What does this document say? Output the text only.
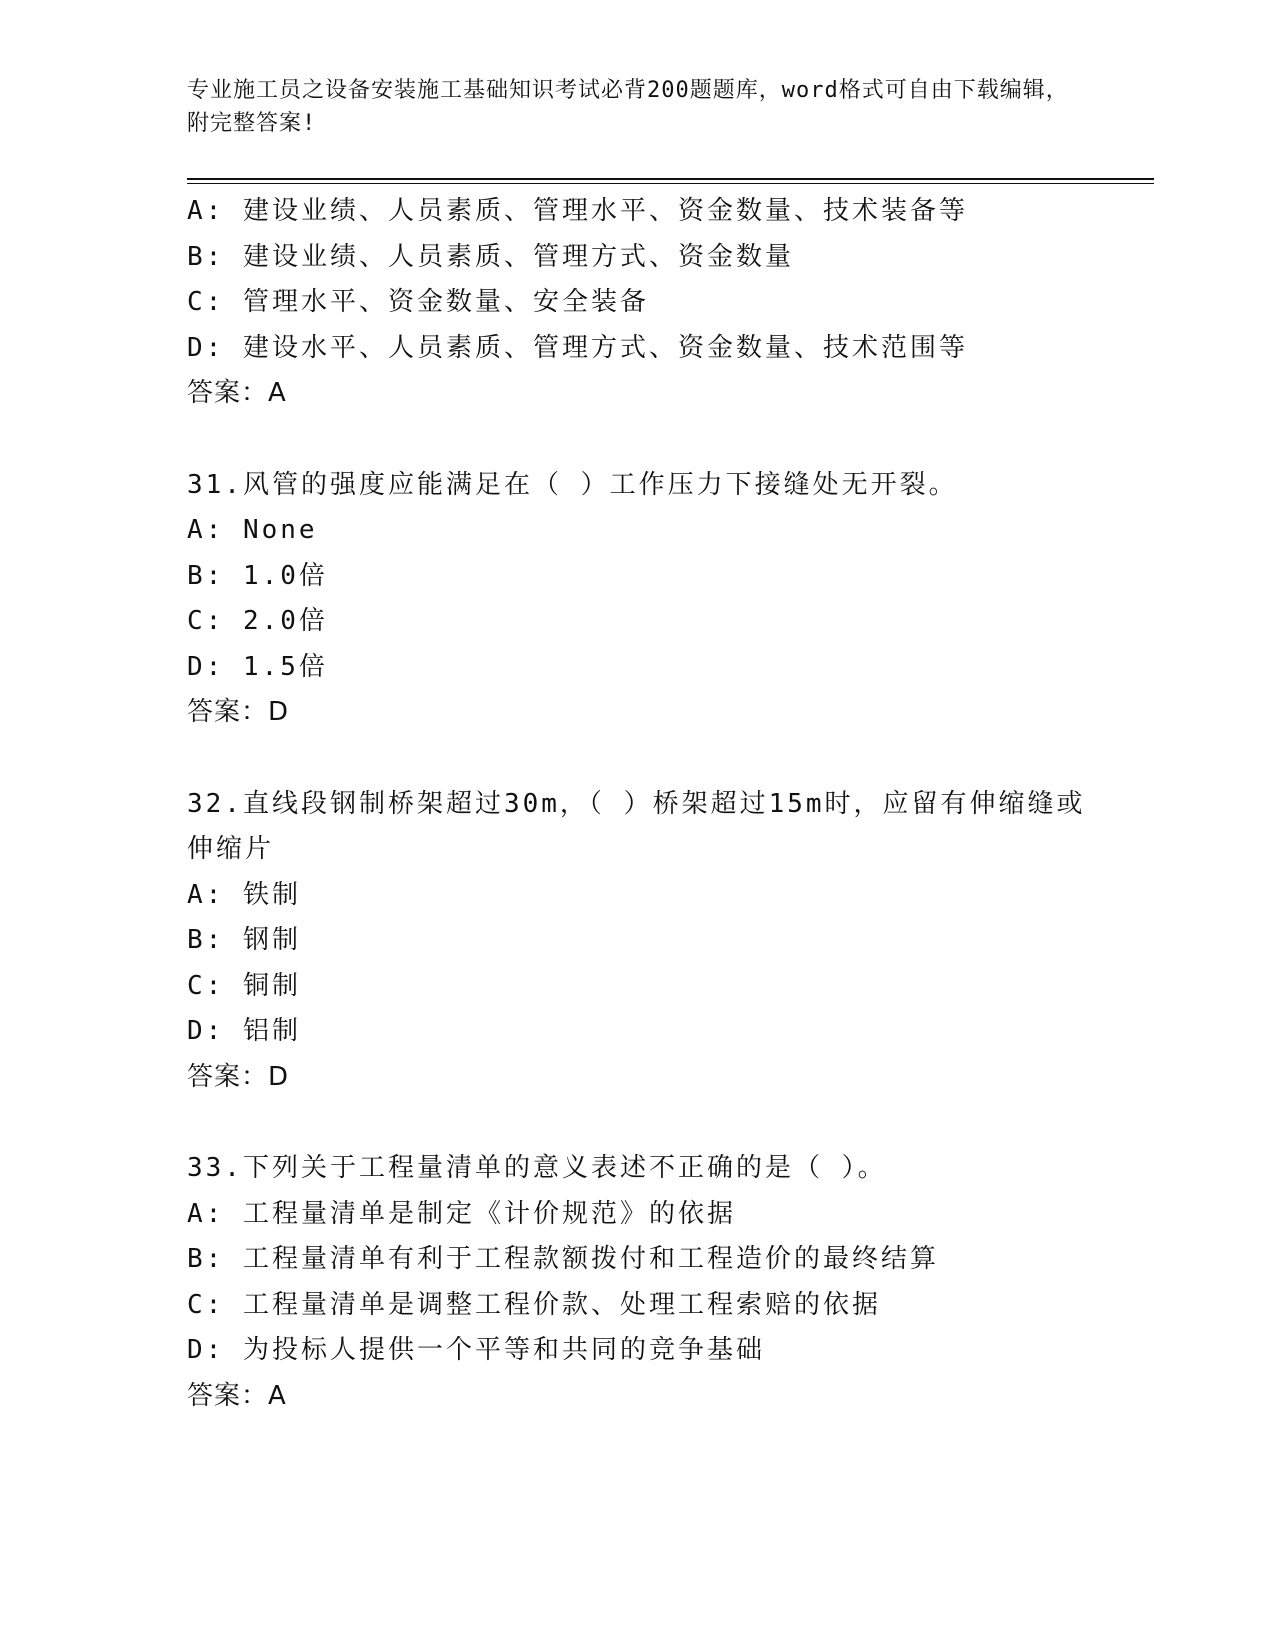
专业施工员之设备安装施工基础知识考试必背200题题库，word格式可自由下载编辑，附完整答案!
A: 建设业绩、人员素质、管理水平、资金数量、技术装备等
B: 建设业绩、人员素质、管理方式、资金数量
C: 管理水平、资金数量、安全装备
D: 建设水平、人员素质、管理方式、资金数量、技术范围等
答案：A
31.风管的强度应能满足在（ ）工作压力下接缝处无开裂。
A: None
B: 1.0倍
C: 2.0倍
D: 1.5倍
答案：D
32.直线段钢制桥架超过30m，（ ）桥架超过15m时，应留有伸缩缝或伸缩片
A: 铁制
B: 钢制
C: 铜制
D: 铝制
答案：D
33.下列关于工程量清单的意义表述不正确的是（ ）。
A: 工程量清单是制定《计价规范》的依据
B: 工程量清单有利于工程款额拨付和工程造价的最终结算
C: 工程量清单是调整工程价款、处理工程索赔的依据
D: 为投标人提供一个平等和共同的竞争基础
答案：A
